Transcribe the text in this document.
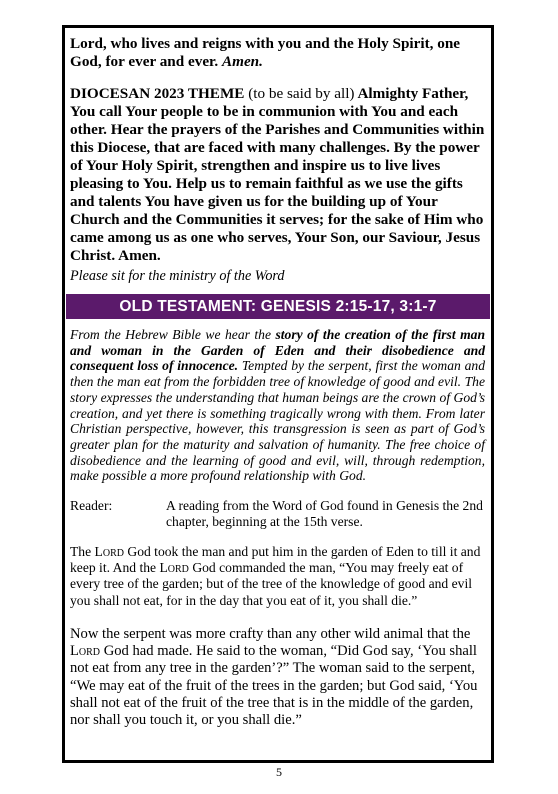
Lord, who lives and reigns with you and the Holy Spirit, one God, for ever and ever. Amen.

DIOCESAN 2023 THEME (to be said by all) Almighty Father, You call Your people to be in communion with You and each other. Hear the prayers of the Parishes and Communities within this Diocese, that are faced with many challenges. By the power of Your Holy Spirit, strengthen and inspire us to live lives pleasing to You. Help us to remain faithful as we use the gifts and talents You have given us for the building up of Your Church and the Communities it serves; for the sake of Him who came among us as one who serves, Your Son, our Saviour, Jesus Christ. Amen.

Please sit for the ministry of the Word

OLD TESTAMENT: GENESIS 2:15-17, 3:1-7

From the Hebrew Bible we hear the story of the creation of the first man and woman in the Garden of Eden and their disobedience and consequent loss of innocence. Tempted by the serpent, first the woman and then the man eat from the forbidden tree of knowledge of good and evil. The story expresses the understanding that human beings are the crown of God’s creation, and yet there is something tragically wrong with them. From later Christian perspective, however, this transgression is seen as part of God’s greater plan for the maturity and salvation of humanity. The free choice of disobedience and the learning of good and evil, will, through redemption, make possible a more profound relationship with God.

Reader:	A reading from the Word of God found in Genesis the 2nd chapter, beginning at the 15th verse.

The Lord God took the man and put him in the garden of Eden to till it and keep it. And the Lord God commanded the man, “You may freely eat of every tree of the garden; but of the tree of the knowledge of good and evil you shall not eat, for in the day that you eat of it, you shall die.”

Now the serpent was more crafty than any other wild animal that the Lord God had made. He said to the woman, “Did God say, ‘You shall not eat from any tree in the garden’?” The woman said to the serpent, “We may eat of the fruit of the trees in the garden; but God said, ‘You shall not eat of the fruit of the tree that is in the middle of the garden, nor shall you touch it, or you shall die.”

5
